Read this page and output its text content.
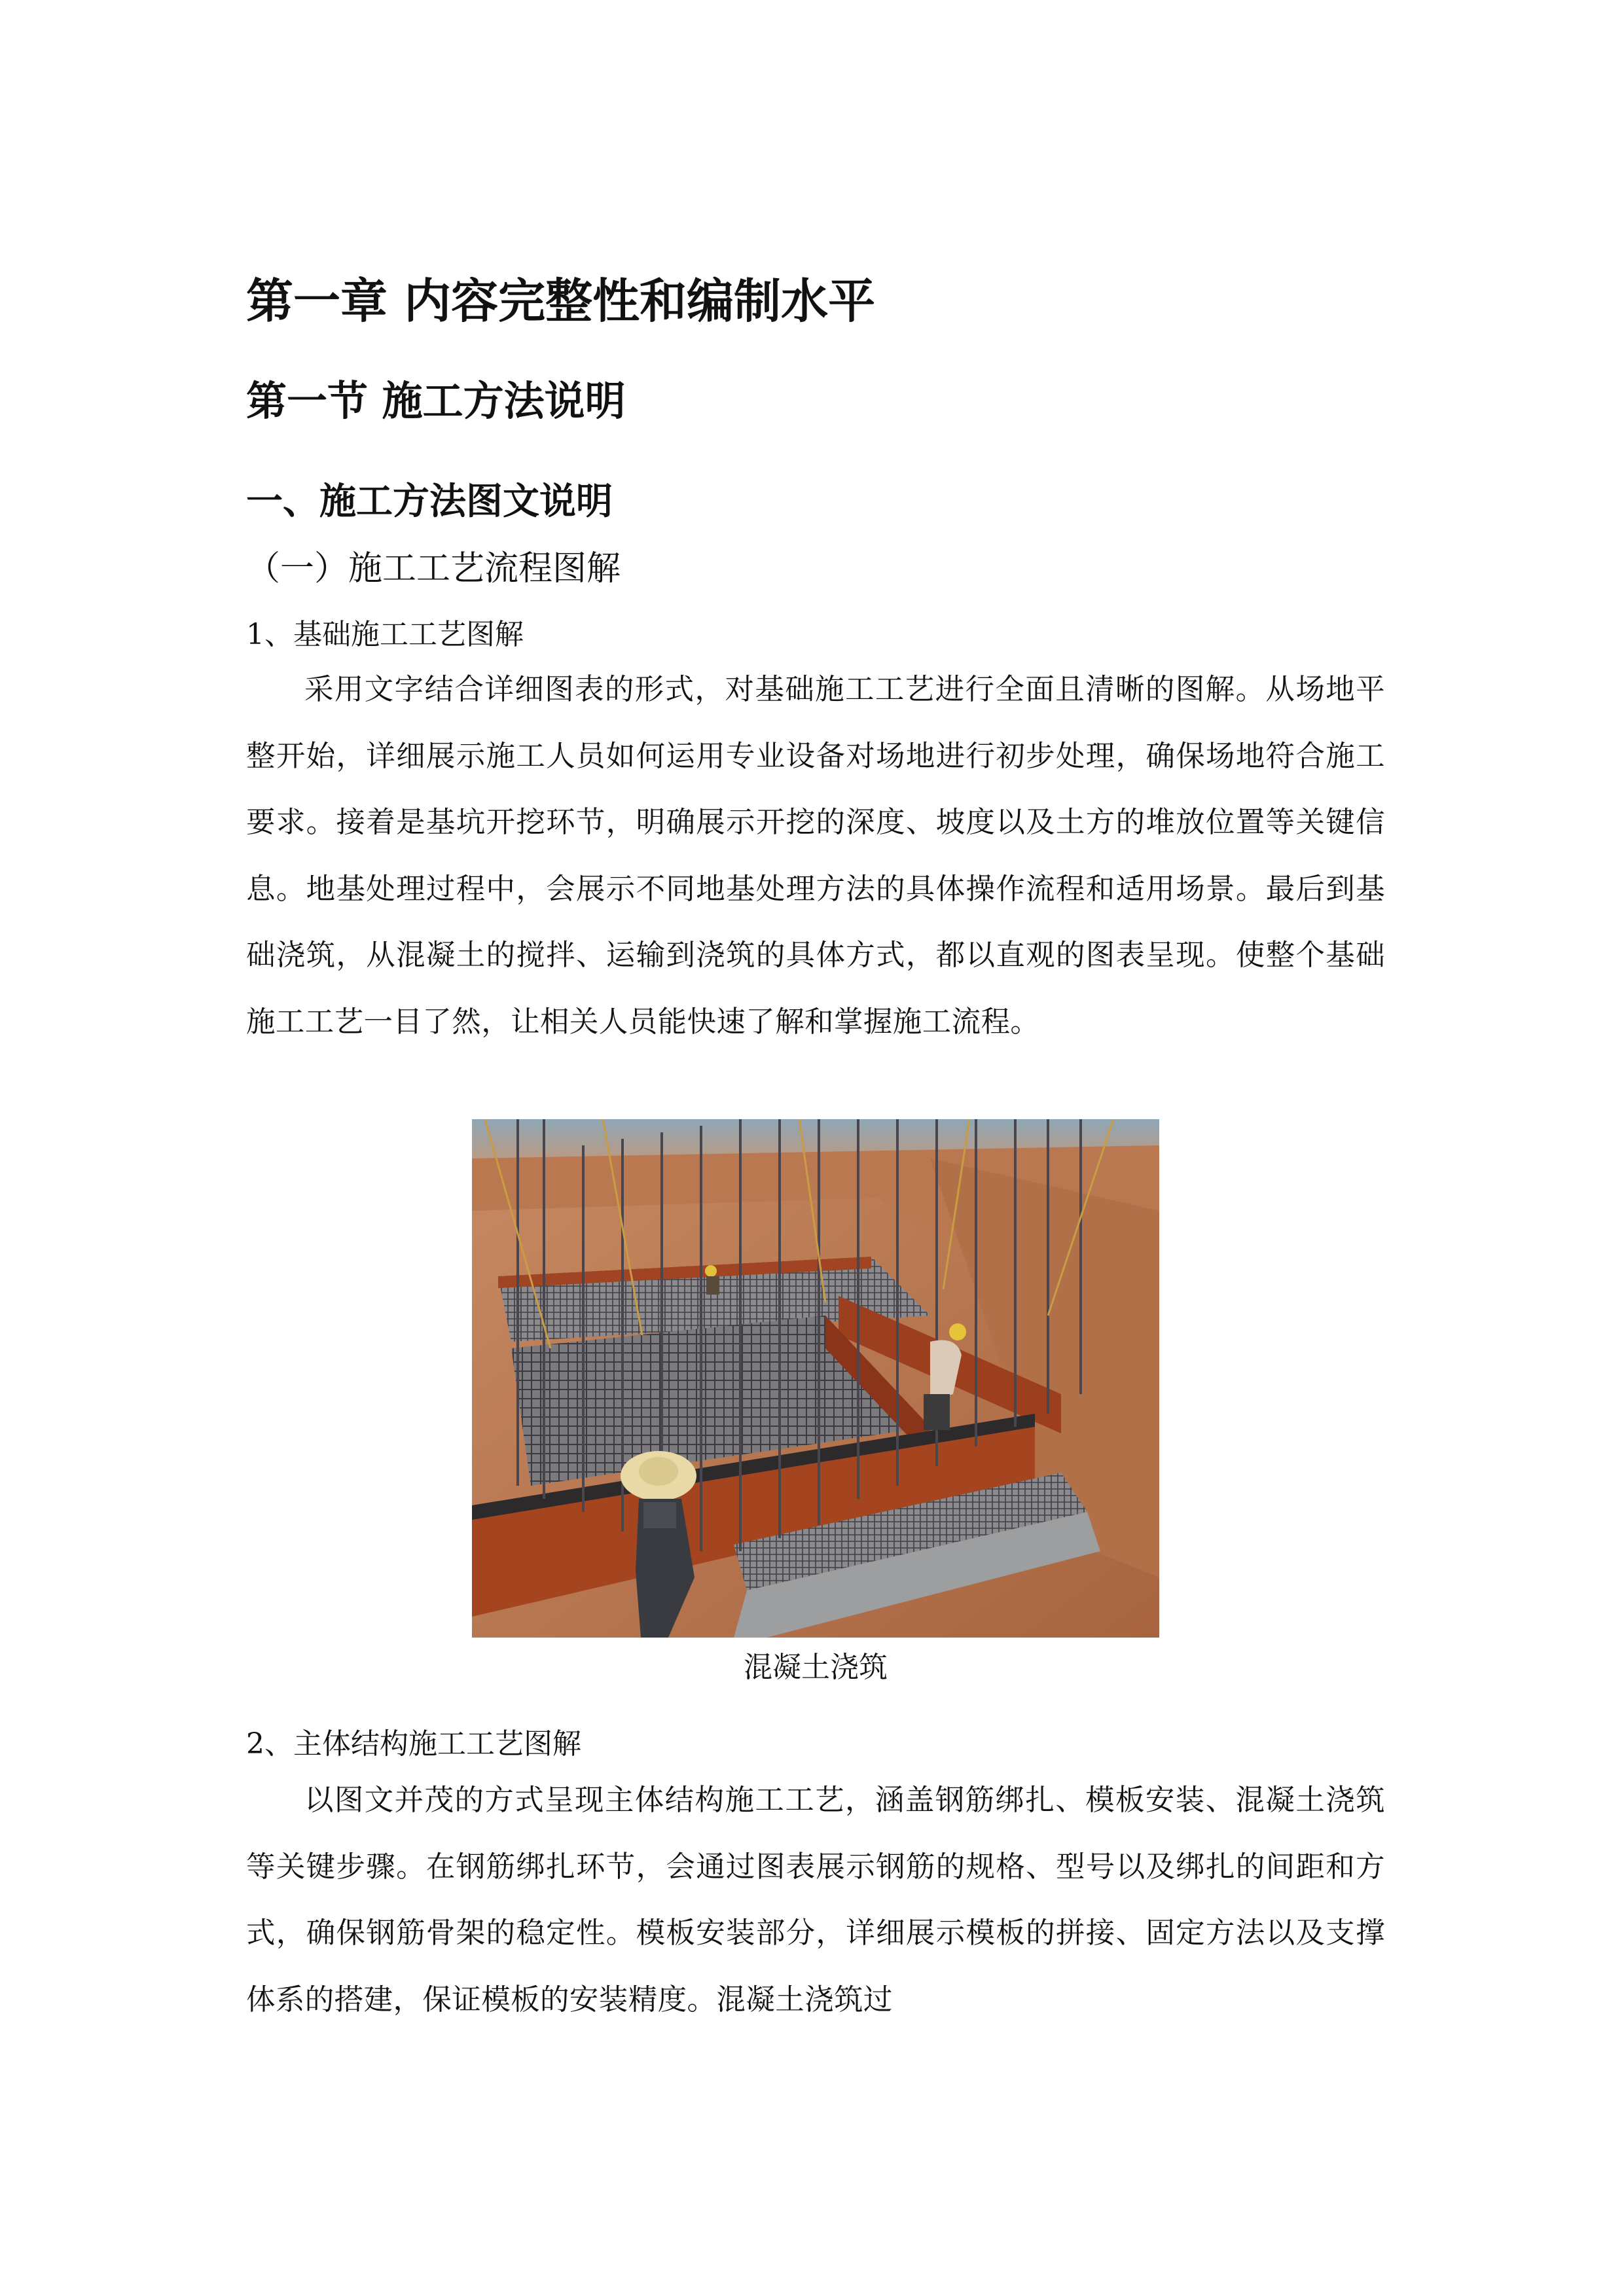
第一章 内容完整性和编制水平
第一节 施工方法说明
一、施工方法图文说明
（一）施工工艺流程图解

1、基础施工工艺图解

采用文字结合详细图表的形式，对基础施工工艺进行全面且清晰的图解。从场地平整开始，详细展示施工人员如何运用专业设备对场地进行初步处理，确保场地符合施工要求。接着是基坑开挖环节，明确展示开挖的深度、坡度以及土方的堆放位置等关键信息。地基处理过程中，会展示不同地基处理方法的具体操作流程和适用场景。最后到基础浇筑，从混凝土的搅拌、运输到浇筑的具体方式，都以直观的图表呈现。使整个基础施工工艺一目了然，让相关人员能快速了解和掌握施工流程。

混凝土浇筑

2、主体结构施工工艺图解

以图文并茂的方式呈现主体结构施工工艺，涵盖钢筋绑扎、模板安装、混凝土浇筑等关键步骤。在钢筋绑扎环节，会通过图表展示钢筋的规格、型号以及绑扎的间距和方式，确保钢筋骨架的稳定性。模板安装部分，详细展示模板的拼接、固定方法以及支撑体系的搭建，保证模板的安装精度。混凝土浇筑过
